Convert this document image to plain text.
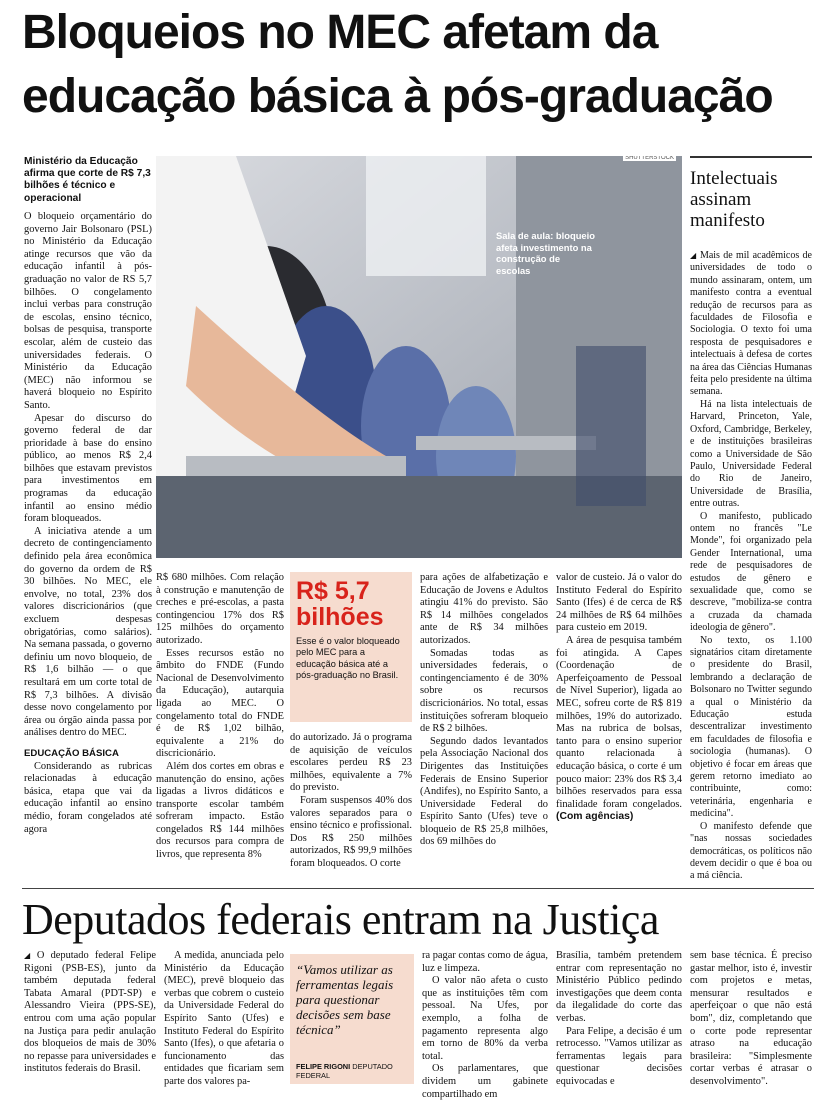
Bloqueios no MEC afetam da
educação básica à pós-graduação
Ministério da Educação afirma que corte de R$ 7,3 bilhões é técnico e operacional

O bloqueio orçamentário do governo Jair Bolsonaro (PSL) no Ministério da Educação atinge recursos que vão da educação infantil à pós-graduação no valor de RS 5,7 bilhões. O congelamento inclui verbas para construção de escolas, ensino técnico, bolsas de pesquisa, transporte escolar, além de custeio das universidades federais. O Ministério da Educação (MEC) não informou se haverá bloqueio no Espírito Santo.

Apesar do discurso do governo federal de dar prioridade à base do ensino público, ao menos R$ 2,4 bilhões que estavam previstos para investimentos em programas da educação infantil ao ensino médio foram bloqueados.

A iniciativa atende a um decreto de contingenciamento definido pela área econômica do governo da ordem de R$ 30 bilhões. No MEC, ele envolve, no total, 23% dos valores discricionários (que excluem despesas obrigatórias, como salários). Na semana passada, o governo definiu um novo bloqueio, de R$ 1,6 bilhão — o que resultará em um corte total de R$ 7,3 bilhões. A divisão desse novo congelamento por área ou órgão ainda passa por análises dentro do MEC.

EDUCAÇÃO BÁSICA

Considerando as rubricas relacionadas à educação básica, etapa que vai da educação infantil ao ensino médio, foram congelados até agora

SHUTTERSTOCK
Sala de aula: bloqueio afeta investimento na construção de escolas
Intelectuais assinam manifesto

◢ Mais de mil acadêmicos de universidades de todo o mundo assinaram, ontem, um manifesto contra a eventual redução de recursos para as faculdades de Filosofia e Sociologia. O texto foi uma resposta de pesquisadores e intelectuais à defesa de cortes na área das Ciências Humanas feita pelo presidente na última semana.

Há na lista intelectuais de Harvard, Princeton, Yale, Oxford, Cambridge, Berkeley, e de instituições brasileiras como a Universidade de São Paulo, Universidade Federal do Rio de Janeiro, Universidade de Brasília, entre outras.

O manifesto, publicado ontem no francês "Le Monde", foi organizado pela Gender International, uma rede de pesquisadores de estudos de gênero e sexualidade que, como se descreve, "mobiliza-se contra a cruzada da chamada ideologia de gênero".

No texto, os 1.100 signatários citam diretamente o presidente do Brasil, lembrando a declaração de Bolsonaro no Twitter segundo a qual o Ministério da Educação estuda descentralizar investimento em faculdades de filosofia e sociologia (humanas). O objetivo é focar em áreas que gerem retorno imediato ao contribuinte, como: veterinária, engenharia e medicina".

O manifesto defende que "nas nossas sociedades democráticas, os políticos não devem decidir o que é boa ou a má ciência.

R$ 680 milhões. Com relação à construção e manutenção de creches e pré-escolas, a pasta contingenciou 17% dos R$ 125 milhões do orçamento autorizado.

Esses recursos estão no âmbito do FNDE (Fundo Nacional de Desenvolvimento da Educação), autarquia ligada ao MEC. O congelamento total do FNDE é de R$ 1,02 bilhão, equivalente a 21% do discricionário.

Além dos cortes em obras e manutenção do ensino, ações ligadas a livros didáticos e transporte escolar também sofreram impacto. Estão congelados R$ 144 milhões dos recursos para compra de livros, que representa 8%

R$ 5,7
bilhões
Esse é o valor bloqueado pelo MEC para a educação básica até a pós-graduação no Brasil.

do autorizado. Já o programa de aquisição de veículos escolares perdeu R$ 23 milhões, equivalente a 7% do previsto.

Foram suspensos 40% dos valores separados para o ensino técnico e profissional. Dos R$ 250 milhões autorizados, R$ 99,9 milhões foram bloqueados. O corte

para ações de alfabetização e Educação de Jovens e Adultos atingiu 41% do previsto. São R$ 14 milhões congelados ante de R$ 34 milhões autorizados.

Somadas todas as universidades federais, o contingenciamento é de 30% sobre os recursos discricionários. No total, essas instituições sofreram bloqueio de R$ 2 bilhões.

Segundo dados levantados pela Associação Nacional dos Dirigentes das Instituições Federais de Ensino Superior (Andifes), no Espírito Santo, a Universidade Federal do Espírito Santo (Ufes) teve o bloqueio de R$ 25,8 milhões, dos 69 milhões do

valor de custeio. Já o valor do Instituto Federal do Espírito Santo (Ifes) é de cerca de R$ 24 milhões de R$ 64 milhões para custeio em 2019.

A área de pesquisa também foi atingida. A Capes (Coordenação de Aperfeiçoamento de Pessoal de Nível Superior), ligada ao MEC, sofreu corte de R$ 819 milhões, 19% do autorizado. Mas na rubrica de bolsas, tanto para o ensino superior quanto relacionada à educação básica, o corte é um pouco maior: 23% dos R$ 3,4 bilhões reservados para essa finalidade foram congelados. (Com agências)

Deputados federais entram na Justiça

◢ O deputado federal Felipe Rigoni (PSB-ES), junto da também deputada federal Tabata Amaral (PDT-SP) e Alessandro Vieira (PPS-SE), entrou com uma ação popular na Justiça para pedir anulação dos bloqueios de mais de 30% no repasse para universidades e institutos federais do Brasil.

A medida, anunciada pelo Ministério da Educação (MEC), prevê bloqueio das verbas que cobrem o custeio da Universidade Federal do Espírito Santo (Ufes) e Instituto Federal do Espírito Santo (Ifes), o que afetaria o funcionamento das entidades que ficariam sem parte dos valores pa-

“Vamos utilizar as ferramentas legais para questionar decisões sem base técnica”
FELIPE RIGONI DEPUTADO FEDERAL

ra pagar contas como de água, luz e limpeza.

O valor não afeta o custo que as instituições têm com pessoal. Na Ufes, por exemplo, a folha de pagamento representa algo em torno de 80% da verba total.

Os parlamentares, que dividem um gabinete compartilhado em

Brasília, também pretendem entrar com representação no Ministério Público pedindo investigações que deem conta da ilegalidade do corte das verbas.

Para Felipe, a decisão é um retrocesso. "Vamos utilizar as ferramentas legais para questionar decisões equivocadas e

sem base técnica. É preciso gastar melhor, isto é, investir com projetos e metas, mensurar resultados e aperfeiçoar o que não está bom", diz, completando que o corte pode representar atraso na educação brasileira: "Simplesmente cortar verbas é atrasar o desenvolvimento".
